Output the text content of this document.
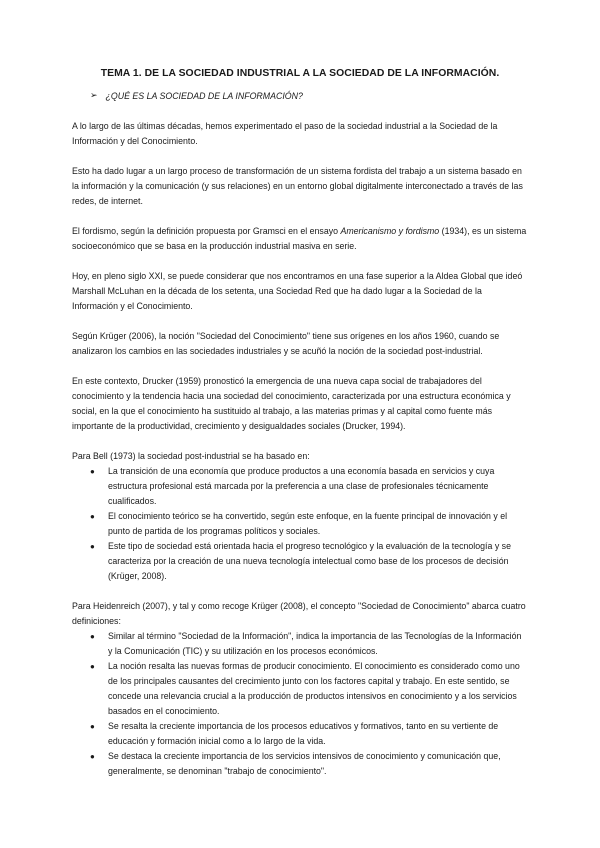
TEMA 1. DE LA SOCIEDAD INDUSTRIAL A LA SOCIEDAD DE LA INFORMACIÓN.
➢ ¿QUÉ ES LA SOCIEDAD DE LA INFORMACIÓN?

A lo largo de las últimas décadas, hemos experimentado el paso de la sociedad industrial a la Sociedad de la Información y del Conocimiento.

Esto ha dado lugar a un largo proceso de transformación de un sistema fordista del trabajo a un sistema basado en la información y la comunicación (y sus relaciones) en un entorno global digitalmente interconectado a través de las redes, de internet.

El fordismo, según la definición propuesta por Gramsci en el ensayo Americanismo y fordismo (1934), es un sistema socioeconómico que se basa en la producción industrial masiva en serie.

Hoy, en pleno siglo XXI, se puede considerar que nos encontramos en una fase superior a la Aldea Global que ideó Marshall McLuhan en la década de los setenta, una Sociedad Red que ha dado lugar a la Sociedad de la Información y el Conocimiento.

Según Krüger (2006), la noción "Sociedad del Conocimiento" tiene sus orígenes en los años 1960, cuando se analizaron los cambios en las sociedades industriales y se acuñó la noción de la sociedad post-industrial.

En este contexto, Drucker (1959) pronosticó la emergencia de una nueva capa social de trabajadores del conocimiento y la tendencia hacia una sociedad del conocimiento, caracterizada por una estructura económica y social, en la que el conocimiento ha sustituido al trabajo, a las materias primas y al capital como fuente más importante de la productividad, crecimiento y desigualdades sociales (Drucker, 1994).

Para Bell (1973) la sociedad post-industrial se ha basado en:

● La transición de una economía que produce productos a una economía basada en servicios y cuya estructura profesional está marcada por la preferencia a una clase de profesionales técnicamente cualificados.
● El conocimiento teórico se ha convertido, según este enfoque, en la fuente principal de innovación y el punto de partida de los programas políticos y sociales.
● Este tipo de sociedad está orientada hacia el progreso tecnológico y la evaluación de la tecnología y se caracteriza por la creación de una nueva tecnología intelectual como base de los procesos de decisión (Krüger, 2008).

Para Heidenreich (2007), y tal y como recoge Krüger (2008), el concepto "Sociedad de Conocimiento" abarca cuatro definiciones:

● Similar al término "Sociedad de la Información", indica la importancia de las Tecnologías de la Información y la Comunicación (TIC) y su utilización en los procesos económicos.
● La noción resalta las nuevas formas de producir conocimiento. El conocimiento es considerado como uno de los principales causantes del crecimiento junto con los factores capital y trabajo. En este sentido, se concede una relevancia crucial a la producción de productos intensivos en conocimiento y a los servicios basados en el conocimiento.
● Se resalta la creciente importancia de los procesos educativos y formativos, tanto en su vertiente de educación y formación inicial como a lo largo de la vida.
● Se destaca la creciente importancia de los servicios intensivos de conocimiento y comunicación que, generalmente, se denominan "trabajo de conocimiento".
